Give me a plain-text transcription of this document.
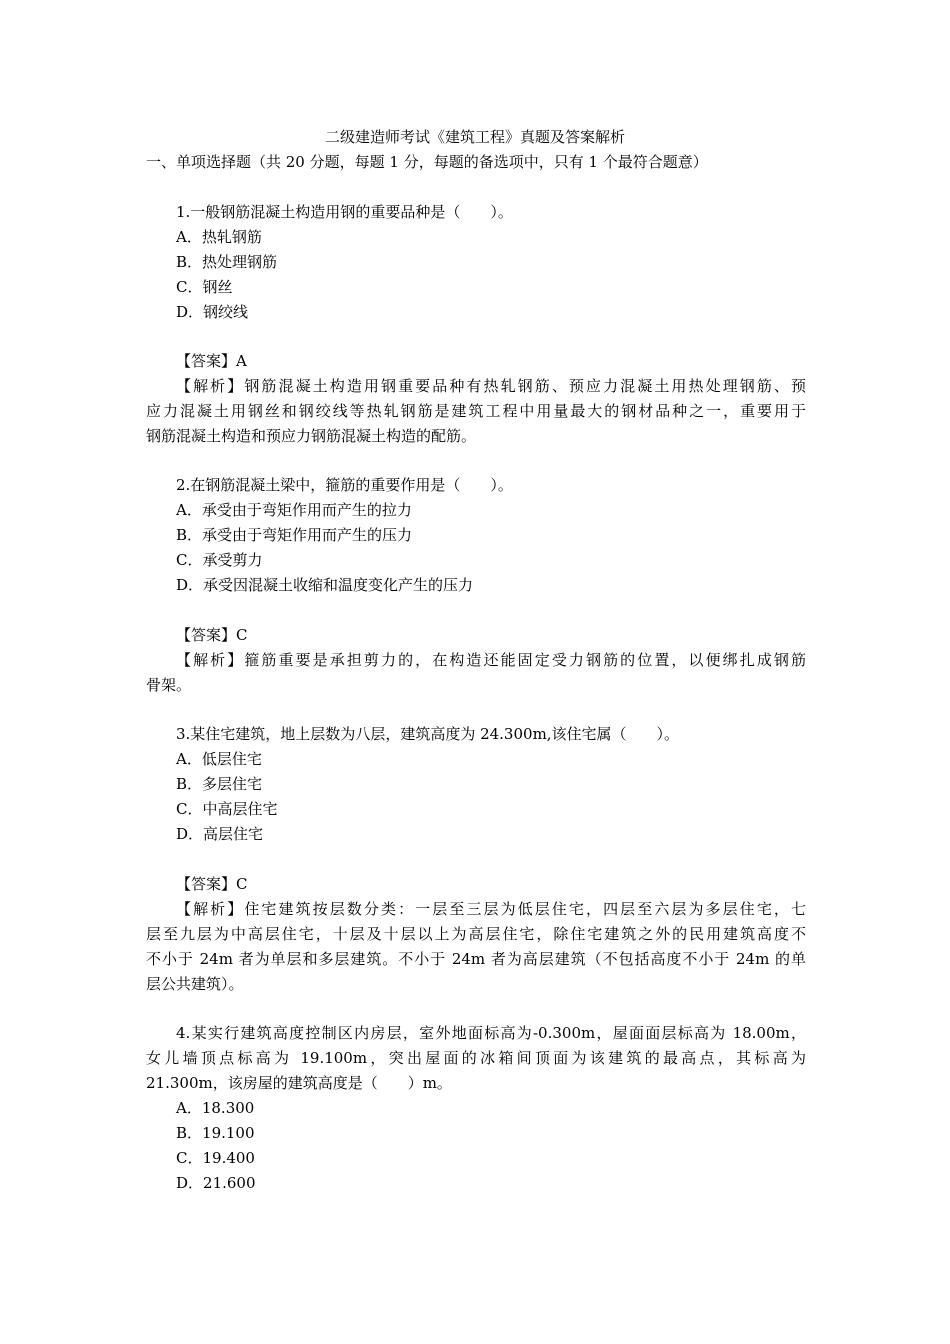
二级建造师考试《建筑工程》真题及答案解析
一、单项选择题（共 20 分题，每题 1 分，每题的备选项中，只有 1 个最符合题意）
1.一般钢筋混凝土构造用钢的重要品种是（　　）。
A．热轧钢筋
B．热处理钢筋
C．钢丝
D．钢绞线
【答案】A
【解析】钢筋混凝土构造用钢重要品种有热轧钢筋、预应力混凝土用热处理钢筋、预
应力混凝土用钢丝和钢绞线等热轧钢筋是建筑工程中用量最大的钢材品种之一，重要用于
钢筋混凝土构造和预应力钢筋混凝土构造的配筋。
2.在钢筋混凝土梁中，箍筋的重要作用是（　　）。
A．承受由于弯矩作用而产生的拉力
B．承受由于弯矩作用而产生的压力
C．承受剪力
D．承受因混凝土收缩和温度变化产生的压力
【答案】C
【解析】箍筋重要是承担剪力的，在构造还能固定受力钢筋的位置，以便绑扎成钢筋
骨架。
3.某住宅建筑，地上层数为八层，建筑高度为 24.300m,该住宅属（　　）。
A．低层住宅
B．多层住宅
C．中高层住宅
D．高层住宅
【答案】C
【解析】住宅建筑按层数分类：一层至三层为低层住宅，四层至六层为多层住宅，七
层至九层为中高层住宅，十层及十层以上为高层住宅，除住宅建筑之外的民用建筑高度不
不小于 24m 者为单层和多层建筑。不小于 24m 者为高层建筑（不包括高度不小于 24m 的单
层公共建筑）。
4.某实行建筑高度控制区内房层，室外地面标高为-0.300m，屋面面层标高为 18.00m，
女儿墙顶点标高为 19.100m，突出屋面的冰箱间顶面为该建筑的最高点，其标高为
21.300m，该房屋的建筑高度是（　　）m。
A．18.300
B．19.100
C．19.400
D．21.600
